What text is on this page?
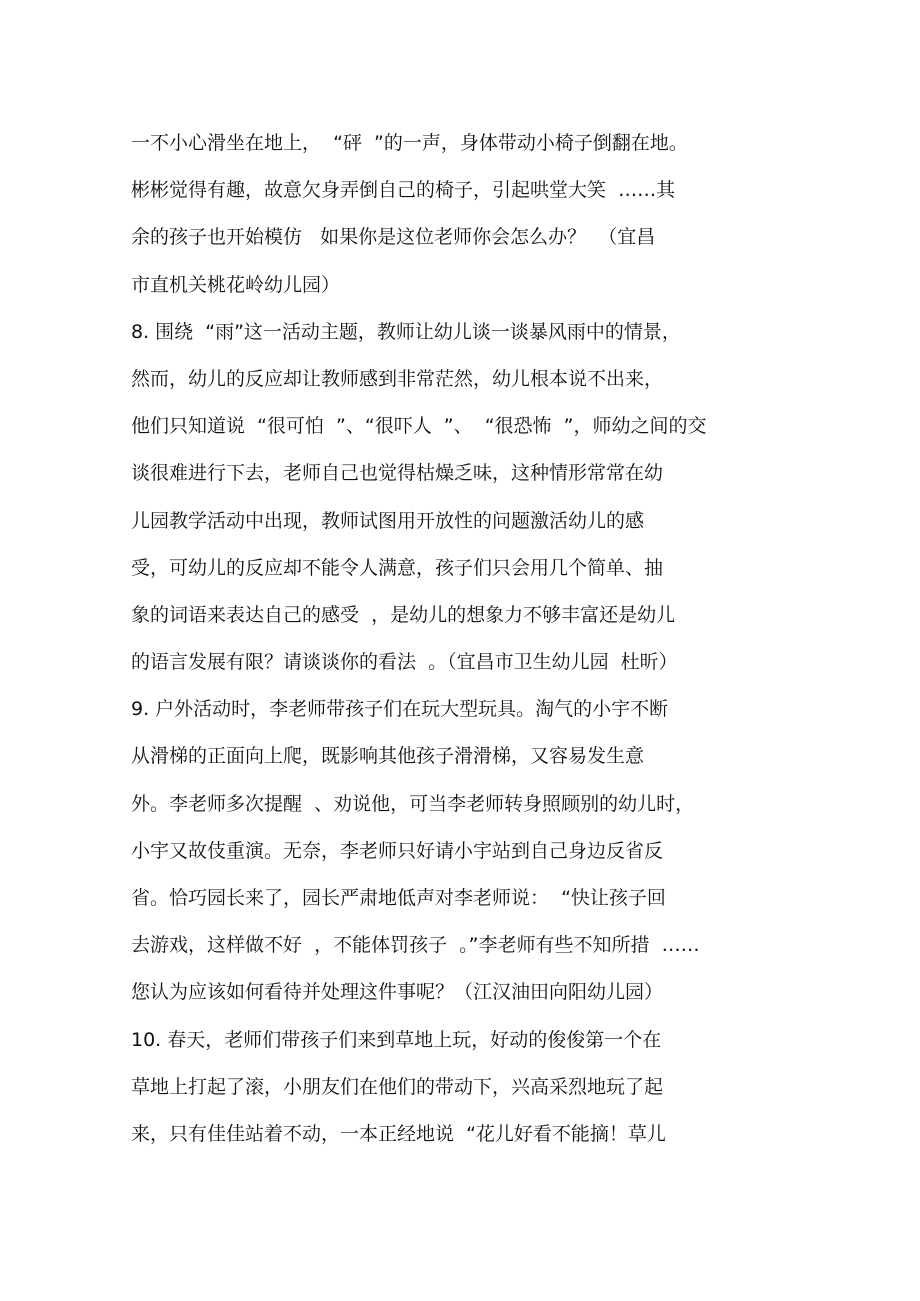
一不小心滑坐在地上，  “砰  ”的一声，身体带动小椅子倒翻在地。
彬彬觉得有趣，故意欠身弄倒自己的椅子，引起哄堂大笑  ……其
余的孩子也开始模仿   如果你是这位老师你会怎么办？  （宜昌
市直机关桃花岭幼儿园）
8. 围绕  “雨”这一活动主题，教师让幼儿谈一谈暴风雨中的情景，
然而，幼儿的反应却让教师感到非常茫然，幼儿根本说不出来，
他们只知道说  “很可怕  ”、“很吓人  ”、  “很恐怖  ”，师幼之间的交
谈很难进行下去，老师自己也觉得枯燥乏味，这种情形常常在幼
儿园教学活动中出现，教师试图用开放性的问题激活幼儿的感
受，可幼儿的反应却不能令人满意，孩子们只会用几个简单、抽
象的词语来表达自己的感受  ，是幼儿的想象力不够丰富还是幼儿
的语言发展有限？请谈谈你的看法  。（宜昌市卫生幼儿园  杜昕）
9. 户外活动时，李老师带孩子们在玩大型玩具。淘气的小宇不断
从滑梯的正面向上爬，既影响其他孩子滑滑梯，又容易发生意
外。李老师多次提醒  、劝说他，可当李老师转身照顾别的幼儿时，
小宇又故伎重演。无奈，李老师只好请小宇站到自己身边反省反
省。恰巧园长来了，园长严肃地低声对李老师说：  “快让孩子回
去游戏，这样做不好  ，不能体罚孩子  。”李老师有些不知所措  ……
您认为应该如何看待并处理这件事呢？（江汉油田向阳幼儿园）
10. 春天，老师们带孩子们来到草地上玩，好动的俊俊第一个在
草地上打起了滚，小朋友们在他们的带动下，兴高采烈地玩了起
来，只有佳佳站着不动，一本正经地说  “花儿好看不能摘！草儿
